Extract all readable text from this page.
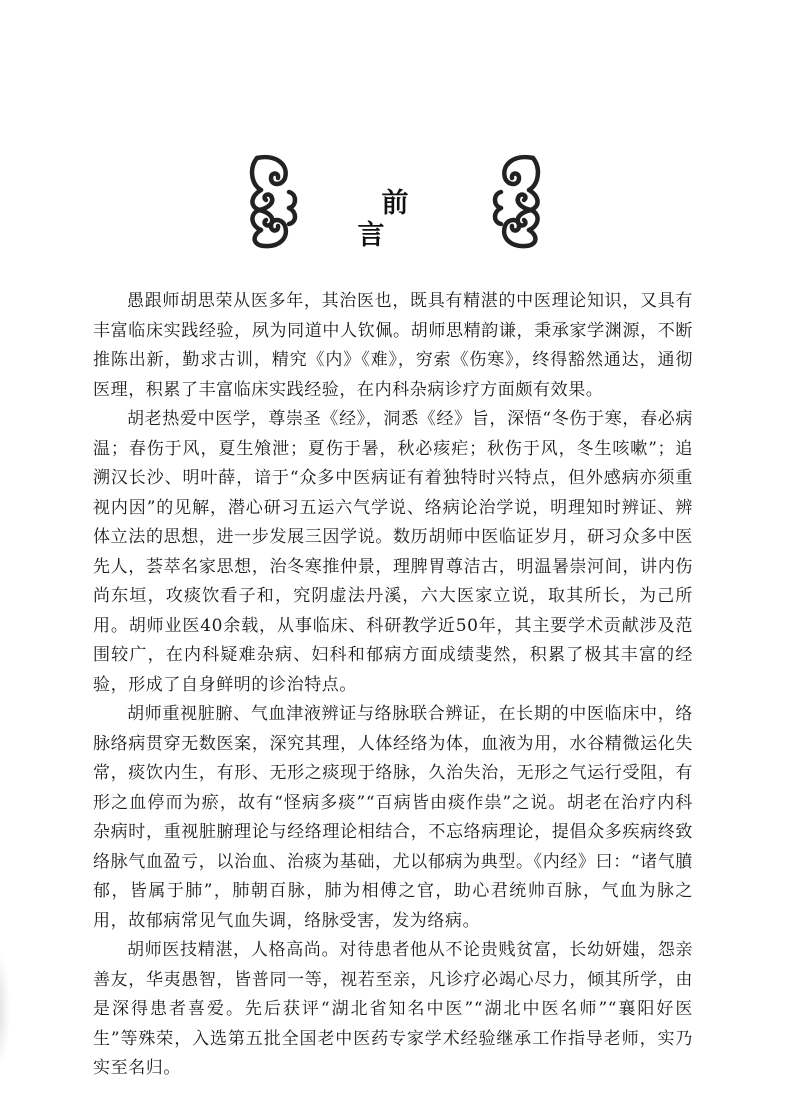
前 言

愚跟师胡思荣从医多年，其治医也，既具有精湛的中医理论知识，又具有丰富临床实践经验，夙为同道中人钦佩。胡师思精韵谦，秉承家学渊源，不断推陈出新，勤求古训，精究《内》《难》，穷索《伤寒》，终得豁然通达，通彻医理，积累了丰富临床实践经验，在内科杂病诊疗方面颇有效果。

胡老热爱中医学，尊崇圣《经》，洞悉《经》旨，深悟“冬伤于寒，春必病温；春伤于风，夏生飧泄；夏伤于暑，秋必痎疟；秋伤于风，冬生咳嗽”；追溯汉长沙、明叶薛，谙于“众多中医病证有着独特时兴特点，但外感病亦须重视内因”的见解，潜心研习五运六气学说、络病论治学说，明理知时辨证、辨体立法的思想，进一步发展三因学说。数历胡师中医临证岁月，研习众多中医先人，荟萃名家思想，治冬寒推仲景，理脾胃尊洁古，明温暑崇河间，讲内伤尚东垣，攻痰饮看子和，究阴虚法丹溪，六大医家立说，取其所长，为己所用。胡师业医40余载，从事临床、科研教学近50年，其主要学术贡献涉及范围较广，在内科疑难杂病、妇科和郁病方面成绩斐然，积累了极其丰富的经验，形成了自身鲜明的诊治特点。

胡师重视脏腑、气血津液辨证与络脉联合辨证，在长期的中医临床中，络脉络病贯穿无数医案，深究其理，人体经络为体，血液为用，水谷精微运化失常，痰饮内生，有形、无形之痰现于络脉，久治失治，无形之气运行受阻，有形之血停而为瘀，故有“怪病多痰”“百病皆由痰作祟”之说。胡老在治疗内科杂病时，重视脏腑理论与经络理论相结合，不忘络病理论，提倡众多疾病终致络脉气血盈亏，以治血、治痰为基础，尤以郁病为典型。《内经》曰：“诸气膹郁，皆属于肺”，肺朝百脉，肺为相傅之官，助心君统帅百脉，气血为脉之用，故郁病常见气血失调，络脉受害，发为络病。

胡师医技精湛，人格高尚。对待患者他从不论贵贱贫富，长幼妍媸，怨亲善友，华夷愚智，皆普同一等，视若至亲，凡诊疗必竭心尽力，倾其所学，由是深得患者喜爱。先后获评“湖北省知名中医”“湖北中医名师”“襄阳好医生”等殊荣，入选第五批全国老中医药专家学术经验继承工作指导老师，实乃实至名归。
